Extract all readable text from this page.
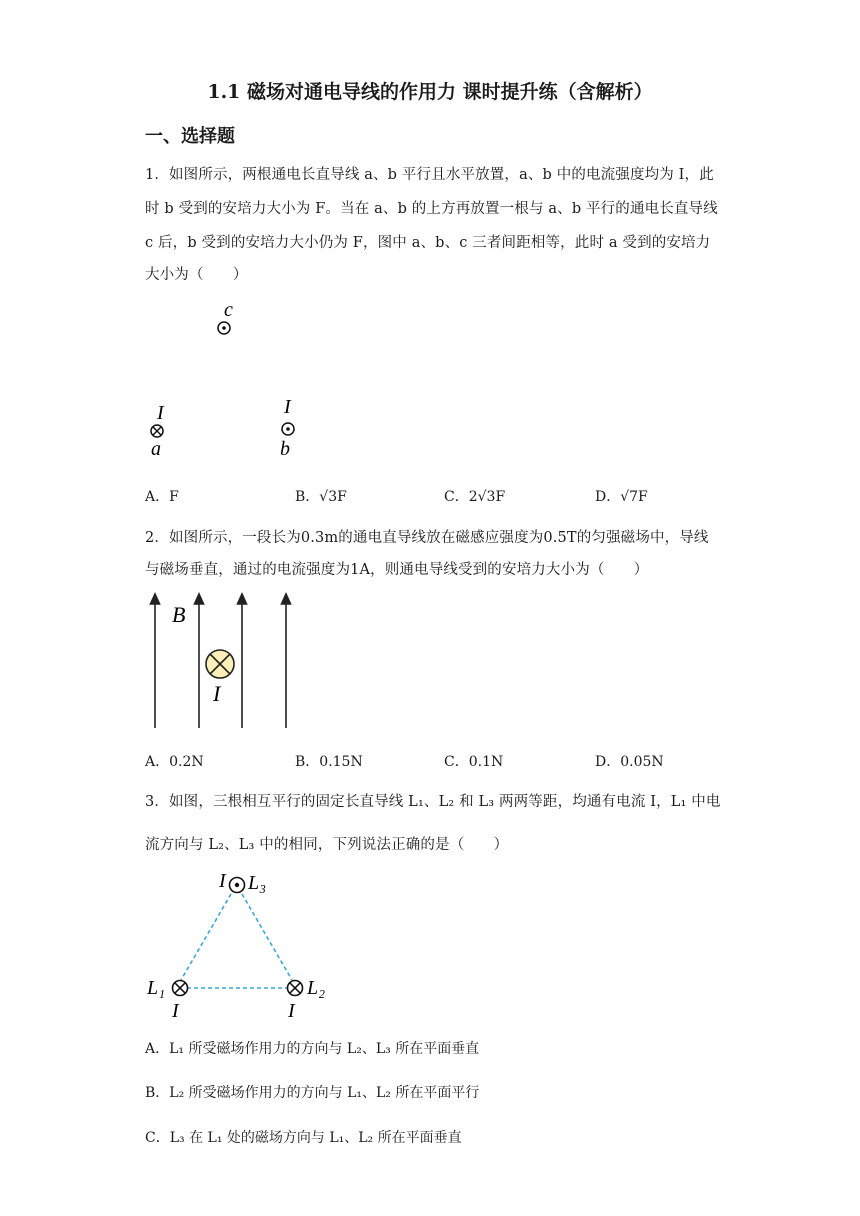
1.1 磁场对通电导线的作用力 课时提升练（含解析）
一、选择题
1．如图所示，两根通电长直导线 a、b 平行且水平放置，a、b 中的电流强度均为 I，此
时 b 受到的安培力大小为 F。当在 a、b 的上方再放置一根与 a、b 平行的通电长直导线
c 后，b 受到的安培力大小仍为 F，图中 a、b、c 三者间距相等，此时 a 受到的安培力
大小为（　　）
c
I
a
I
b
A．F	B．√3F	C．2√3F	D．√7F
2．如图所示，一段长为0.3m的通电直导线放在磁感应强度为0.5T的匀强磁场中，导线
与磁场垂直，通过的电流强度为1A，则通电导线受到的安培力大小为（　　）
B
I
A．0.2N	B．0.15N	C．0.1N	D．0.05N
3．如图，三根相互平行的固定长直导线 L₁、L₂ 和 L₃ 两两等距，均通有电流 I，L₁ 中电
流方向与 L₂、L₃ 中的相同，下列说法正确的是（　　）
I L₃
L₁
I
L₂
I
A．L₁ 所受磁场作用力的方向与 L₂、L₃ 所在平面垂直
B．L₂ 所受磁场作用力的方向与 L₁、L₂ 所在平面平行
C．L₃ 在 L₁ 处的磁场方向与 L₁、L₂ 所在平面垂直
